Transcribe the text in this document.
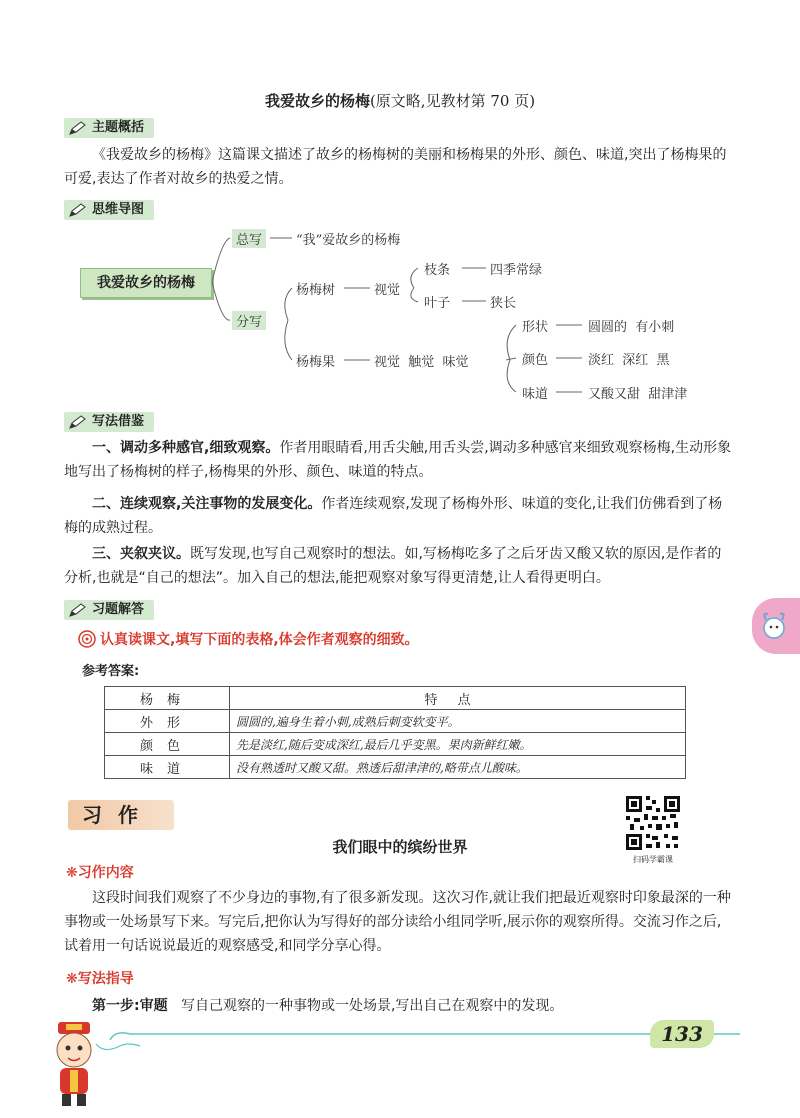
我爱故乡的杨梅(原文略,见教材第 70 页)
主题概括
《我爱故乡的杨梅》这篇课文描述了故乡的杨梅树的美丽和杨梅果的外形、颜色、味道,突出了杨梅果的可爱,表达了作者对故乡的热爱之情。
思维导图
我爱故乡的杨梅
总写	“我”爱故乡的杨梅
分写
杨梅树	视觉
枝条	四季常绿
叶子	狭长
杨梅果	视觉  触觉  味觉
形状	圆圆的  有小刺
颜色	淡红  深红  黑
味道	又酸又甜  甜津津
写法借鉴
一、调动多种感官,细致观察。作者用眼睛看,用舌尖触,用舌头尝,调动多种感官来细致观察杨梅,生动形象地写出了杨梅树的样子,杨梅果的外形、颜色、味道的特点。
二、连续观察,关注事物的发展变化。作者连续观察,发现了杨梅外形、味道的变化,让我们仿佛看到了杨梅的成熟过程。
三、夹叙夹议。既写发现,也写自己观察时的想法。如,写杨梅吃多了之后牙齿又酸又软的原因,是作者的分析,也就是“自己的想法”。加入自己的想法,能把观察对象写得更清楚,让人看得更明白。
习题解答
认真读课文,填写下面的表格,体会作者观察的细致。
参考答案:
杨梅	特点
外形	圆圆的,遍身生着小刺,成熟后刺变软变平。
颜色	先是淡红,随后变成深红,最后几乎变黑。果肉新鲜红嫩。
味道	没有熟透时又酸又甜。熟透后甜津津的,略带点儿酸味。
习作
扫码学霸课
我们眼中的缤纷世界
❋习作内容
这段时间我们观察了不少身边的事物,有了很多新发现。这次习作,就让我们把最近观察时印象最深的一种事物或一处场景写下来。写完后,把你认为写得好的部分读给小组同学听,展示你的观察所得。交流习作之后,试着用一句话说说最近的观察感受,和同学分享心得。
❋写法指导
第一步:审题 写自己观察的一种事物或一处场景,写出自己在观察中的发现。
133
